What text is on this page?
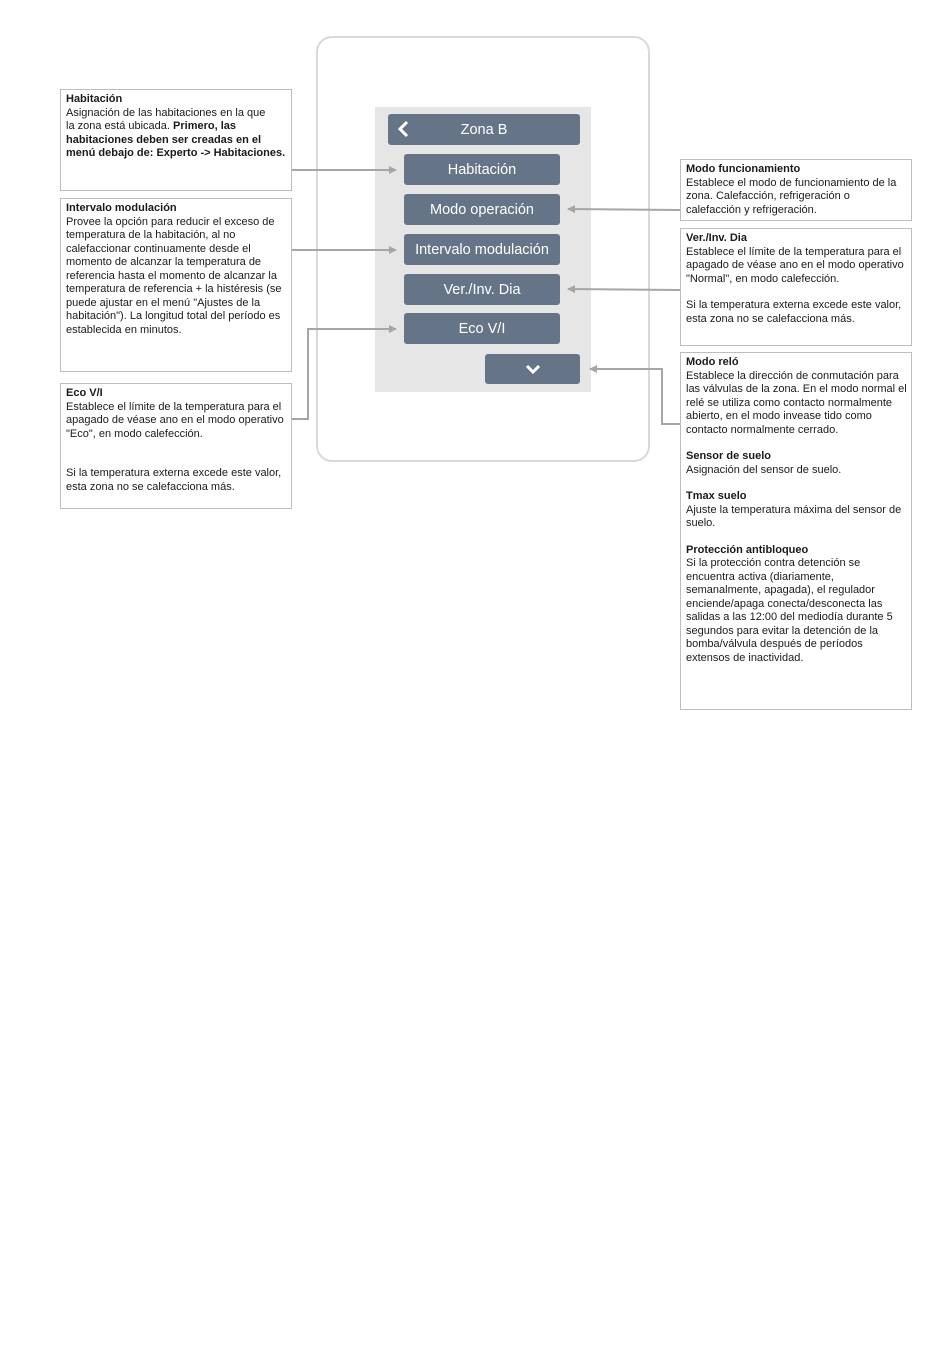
Zona B
Habitación
Modo operación
Intervalo modulación
Ver./Inv. Dia
Eco V/I

Habitación

Asignación de las habitaciones en la que
la zona está ubicada. Primero, las habitaciones deben ser creadas en el menú debajo de: Experto -> Habitaciones.

Intervalo modulación

Provee la opción para reducir el exceso de temperatura de la habitación, al no calefaccionar continuamente desde el momento de alcanzar la temperatura de referencia hasta el momento de alcanzar la temperatura de referencia + la histéresis (se puede ajustar en el menú "Ajustes de la habitación"). La longitud total del período es establecida en minutos.

Eco V/I

Establece el límite de la temperatura para el apagado de véase ano en el modo operativo "Eco", en modo calefección.

Si la temperatura externa excede este valor, esta zona no se calefacciona más.

Modo funcionamiento

Establece el modo de funcionamiento de la zona. Calefacción, refrigeración o calefacción y refrigeración.

Ver./Inv. Dia

Establece el límite de la temperatura para el apagado de véase ano en el modo operativo "Normal", en modo calefección.

Si la temperatura externa excede este valor, esta zona no se calefacciona más.

Modo reló

Establece la dirección de conmutación para las válvulas de la zona. En el modo normal el relé se utiliza como contacto normalmente abierto, en el modo invease tido como contacto normalmente cerrado.

Sensor de suelo

Asignación del sensor de suelo.

Tmax suelo

Ajuste la temperatura máxima del sensor de suelo.

Protección antibloqueo

Si la protección contra detención se encuentra activa (diariamente, semanalmente, apagada), el regulador enciende/apaga conecta/desconecta las salidas a las 12:00 del mediodía durante 5 segundos para evitar la detención de la bomba/válvula después de períodos extensos de inactividad.
